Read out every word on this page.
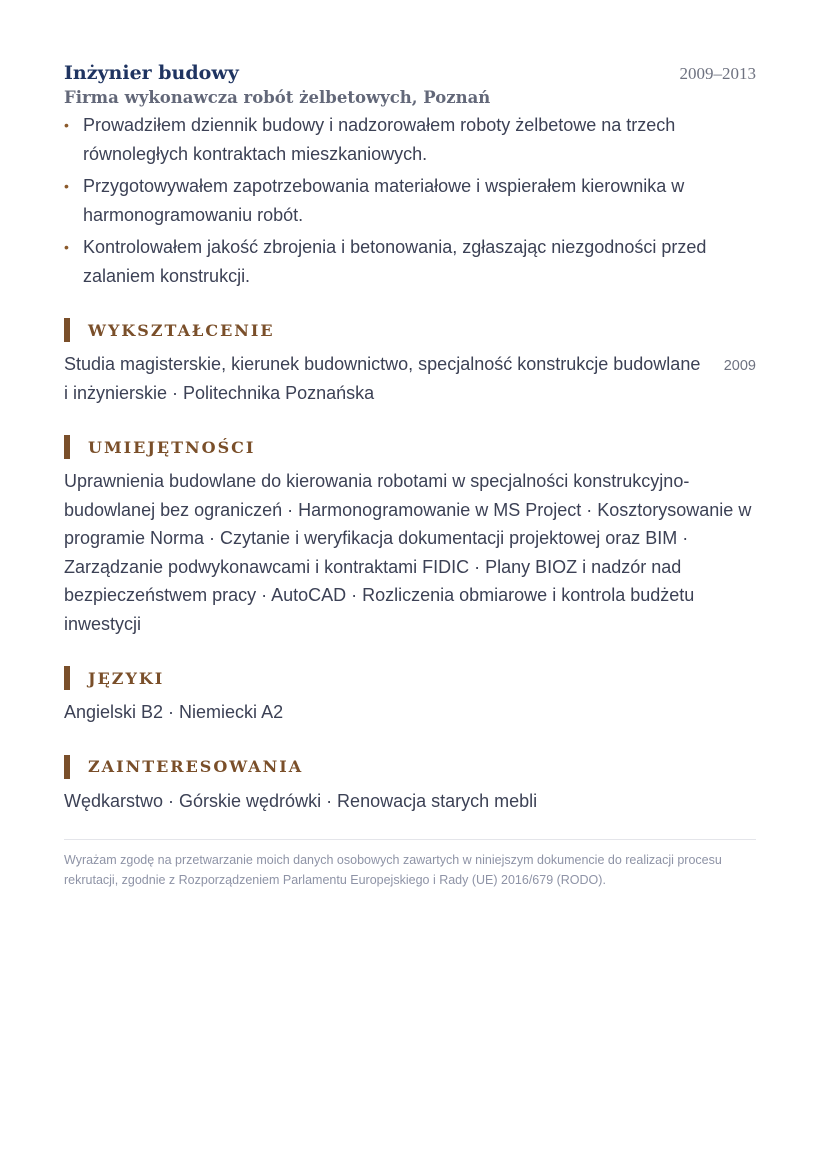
Inżynier budowy	2009–2013
Firma wykonawcza robót żelbetowych, Poznań
• Prowadziłem dziennik budowy i nadzorowałem roboty żelbetowe na trzech równoległych kontraktach mieszkaniowych.
• Przygotowywałem zapotrzebowania materiałowe i wspierałem kierownika w harmonogramowaniu robót.
• Kontrolowałem jakość zbrojenia i betonowania, zgłaszając niezgodności przed zalaniem konstrukcji.
WYKSZTAŁCENIE
Studia magisterskie, kierunek budownictwo, specjalność konstrukcje budowlane i inżynierskie · Politechnika Poznańska
2009
UMIEJĘTNOŚCI
Uprawnienia budowlane do kierowania robotami w specjalności konstrukcyjno-budowlanej bez ograniczeń · Harmonogramowanie w MS Project · Kosztorysowanie w programie Norma · Czytanie i weryfikacja dokumentacji projektowej oraz BIM · Zarządzanie podwykonawcami i kontraktami FIDIC · Plany BIOZ i nadzór nad bezpieczeństwem pracy · AutoCAD · Rozliczenia obmiarowe i kontrola budżetu inwestycji
JĘZYKI
Angielski B2 · Niemiecki A2
ZAINTERESOWANIA
Wędkarstwo · Górskie wędrówki · Renowacja starych mebli
Wyrażam zgodę na przetwarzanie moich danych osobowych zawartych w niniejszym dokumencie do realizacji procesu rekrutacji, zgodnie z Rozporządzeniem Parlamentu Europejskiego i Rady (UE) 2016/679 (RODO).
